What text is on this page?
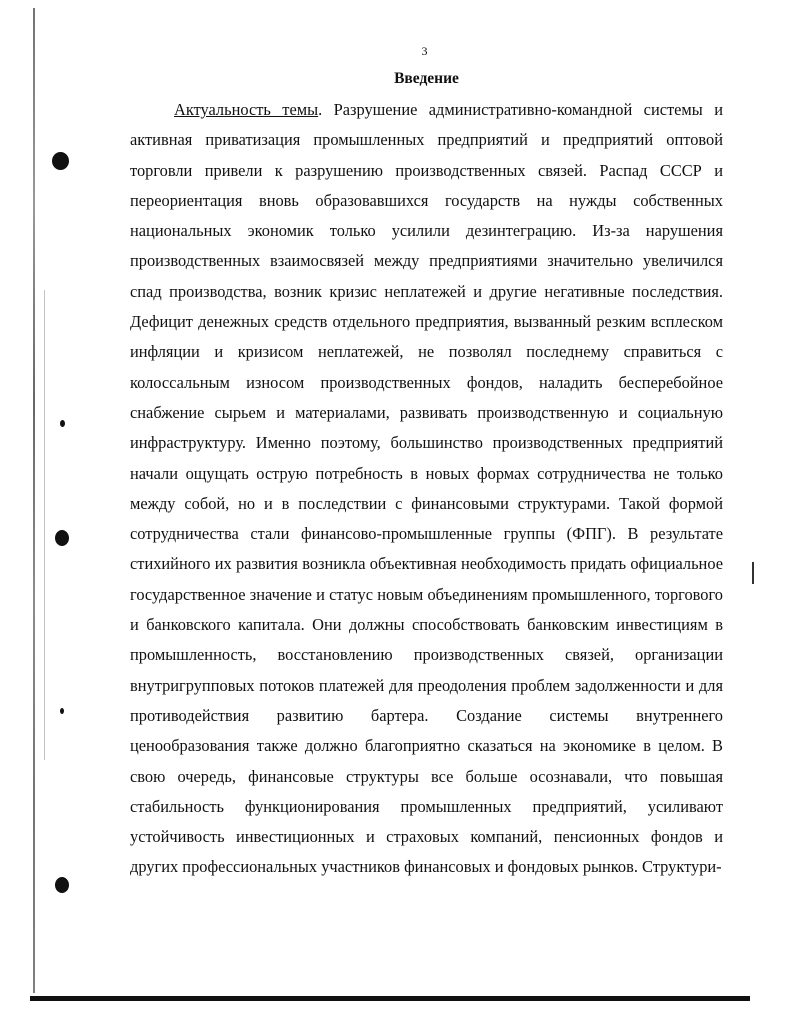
3
Введение

Актуальность темы. Разрушение административно-командной системы и активная приватизация промышленных предприятий и предприятий оптовой торговли привели к разрушению производственных связей. Распад СССР и переориентация вновь образовавшихся государств на нужды собственных национальных экономик только усилили дезинтеграцию. Из-за нарушения производственных взаимосвязей между предприятиями значительно увеличился спад производства, возник кризис неплатежей и другие негативные последствия. Дефицит денежных средств отдельного предприятия, вызванный резким всплеском инфляции и кризисом неплатежей, не позволял последнему справиться с колоссальным износом производственных фондов, наладить бесперебойное снабжение сырьем и материалами, развивать производственную и социальную инфраструктуру. Именно поэтому, большинство производственных предприятий начали ощущать острую потребность в новых формах сотрудничества не только между собой, но и в последствии с финансовыми структурами. Такой формой сотрудничества стали финансово-промышленные группы (ФПГ). В результате стихийного их развития возникла объективная необходимость придать официальное государственное значение и статус новым объединениям промышленного, торгового и банковского капитала. Они должны способствовать банковским инвестициям в промышленность, восстановлению производственных связей, организации внутригрупповых потоков платежей для преодоления проблем задолженности и для противодействия развитию бартера. Создание системы внутреннего ценообразования также должно благоприятно сказаться на экономике в целом. В свою очередь, финансовые структуры все больше осознавали, что повышая стабильность функционирования промышленных предприятий, усиливают устойчивость инвестиционных и страховых компаний, пенсионных фондов и других профессиональных участников финансовых и фондовых рынков. Структури-
